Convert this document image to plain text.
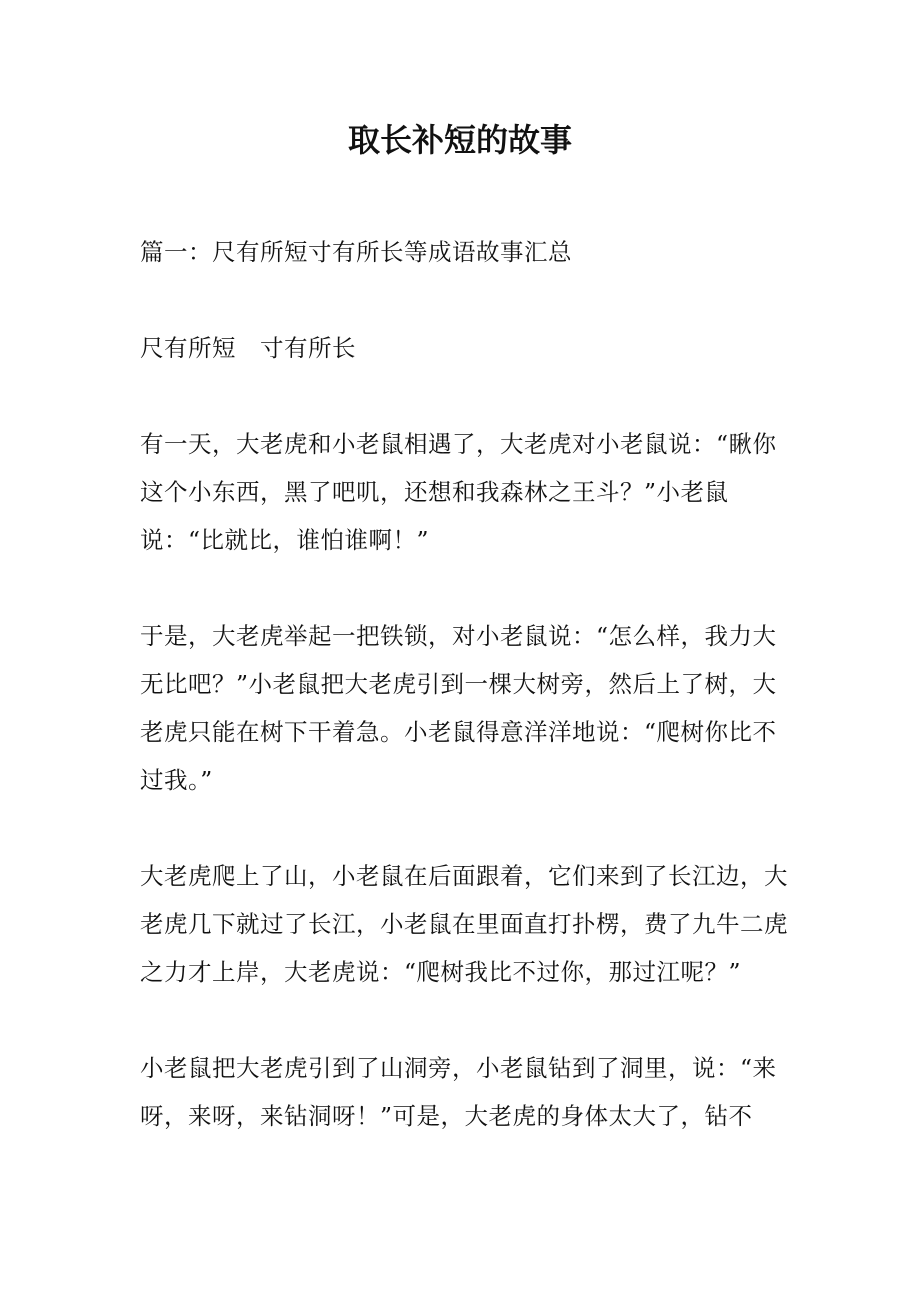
取长补短的故事

篇一：尺有所短寸有所长等成语故事汇总

尺有所短　寸有所长

有一天，大老虎和小老鼠相遇了，大老虎对小老鼠说：“瞅你这个小东西，黑了吧叽，还想和我森林之王斗？”小老鼠说：“比就比，谁怕谁啊！”

于是，大老虎举起一把铁锁，对小老鼠说：“怎么样，我力大无比吧？”小老鼠把大老虎引到一棵大树旁，然后上了树，大老虎只能在树下干着急。小老鼠得意洋洋地说：“爬树你比不过我。”

大老虎爬上了山，小老鼠在后面跟着，它们来到了长江边，大老虎几下就过了长江，小老鼠在里面直打扑楞，费了九牛二虎之力才上岸，大老虎说：“爬树我比不过你，那过江呢？”

小老鼠把大老虎引到了山洞旁，小老鼠钻到了洞里，说：“来呀，来呀，来钻洞呀！”可是，大老虎的身体太大了，钻不
